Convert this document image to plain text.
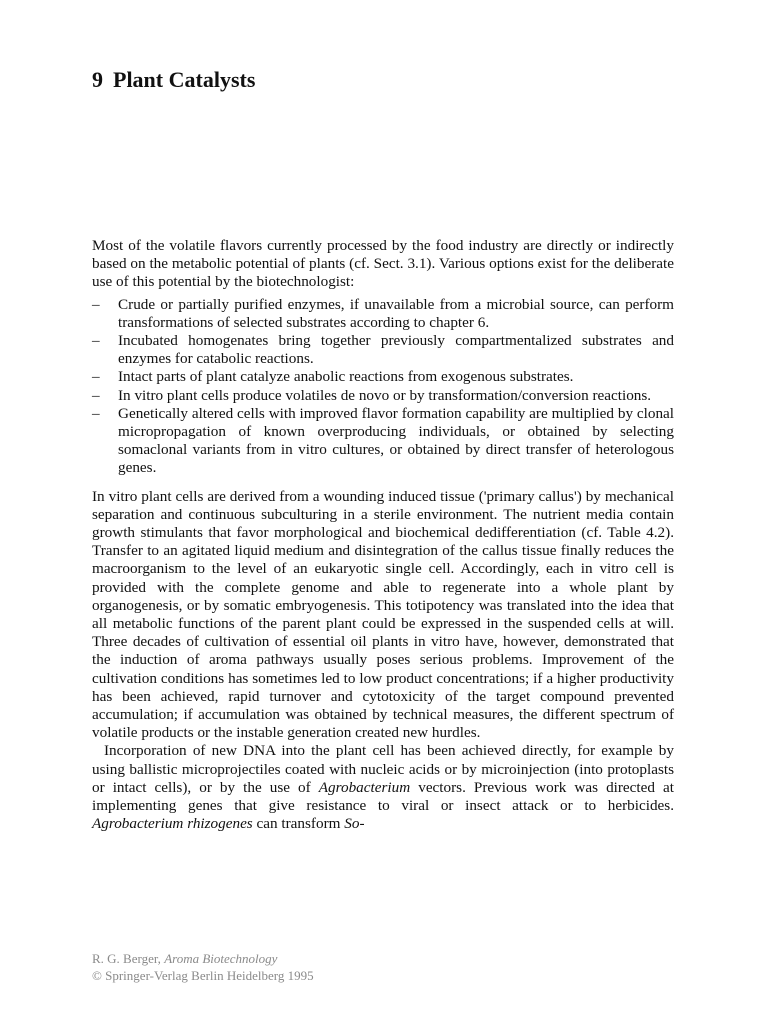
9 Plant Catalysts

Most of the volatile flavors currently processed by the food industry are directly or indirectly based on the metabolic potential of plants (cf. Sect. 3.1). Various options exist for the deliberate use of this potential by the biotechnologist:

– Crude or partially purified enzymes, if unavailable from a microbial source, can perform transformations of selected substrates according to chapter 6.
– Incubated homogenates bring together previously compartmentalized substrates and enzymes for catabolic reactions.
– Intact parts of plant catalyze anabolic reactions from exogenous substrates.
– In vitro plant cells produce volatiles de novo or by transformation/conversion reactions.
– Genetically altered cells with improved flavor formation capability are multiplied by clonal micropropagation of known overproducing individuals, or obtained by selecting somaclonal variants from in vitro cultures, or obtained by direct transfer of heterologous genes.

In vitro plant cells are derived from a wounding induced tissue ('primary callus') by mechanical separation and continuous subculturing in a sterile environment. The nutrient media contain growth stimulants that favor morphological and biochemical dedifferentiation (cf. Table 4.2). Transfer to an agitated liquid medium and disintegration of the callus tissue finally reduces the macroorganism to the level of an eukaryotic single cell. Accordingly, each in vitro cell is provided with the complete genome and able to regenerate into a whole plant by organogenesis, or by somatic embryogenesis. This totipotency was translated into the idea that all metabolic functions of the parent plant could be expressed in the suspended cells at will. Three decades of cultivation of essential oil plants in vitro have, however, demonstrated that the induction of aroma pathways usually poses serious problems. Improvement of the cultivation conditions has sometimes led to low product concentrations; if a higher productivity has been achieved, rapid turnover and cytotoxicity of the target compound prevented accumulation; if accumulation was obtained by technical measures, the different spectrum of volatile products or the instable generation created new hurdles.

Incorporation of new DNA into the plant cell has been achieved directly, for example by using ballistic microprojectiles coated with nucleic acids or by microinjection (into protoplasts or intact cells), or by the use of Agrobacterium vectors. Previous work was directed at implementing genes that give resistance to viral or insect attack or to herbicides. Agrobacterium rhizogenes can transform So-

R. G. Berger, Aroma Biotechnology
© Springer-Verlag Berlin Heidelberg 1995
